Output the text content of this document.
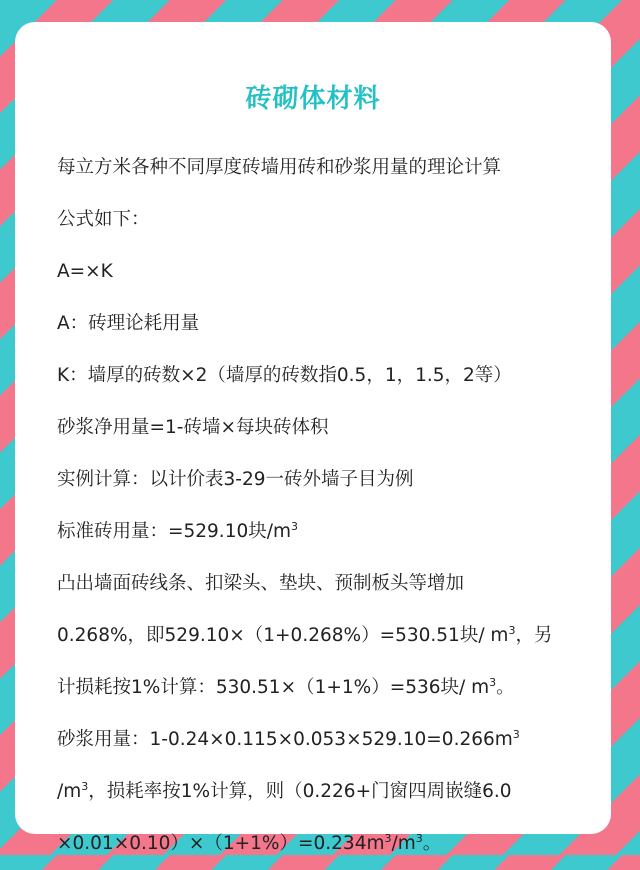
砖砌体材料
每立方米各种不同厚度砖墙用砖和砂浆用量的理论计算
公式如下：
A=×K
A：砖理论耗用量
K：墙厚的砖数×2（墙厚的砖数指0.5，1，1.5，2等）
砂浆净用量=1-砖墙×每块砖体积
实例计算：以计价表3-29一砖外墙子目为例
标准砖用量：=529.10块$/m^3$
凸出墙面砖线条、扣梁头、垫块、预制板头等增加
0.268%，即529.10×（1+0.268%）=530.51块/ $m^3$，另
计损耗按1%计算：530.51×（1+1%）=536块/ $m^3$。
砂浆用量：$1-0.24\times 0.115\times 0.053\times 529.10=0.266m^3$
$/m^3$，损耗率按1%计算，则（0.226+门窗四周嵌缝6.0
$\times 0.01\times 0.10)\times(1+1\%)=0.234m^3/m^3$。
